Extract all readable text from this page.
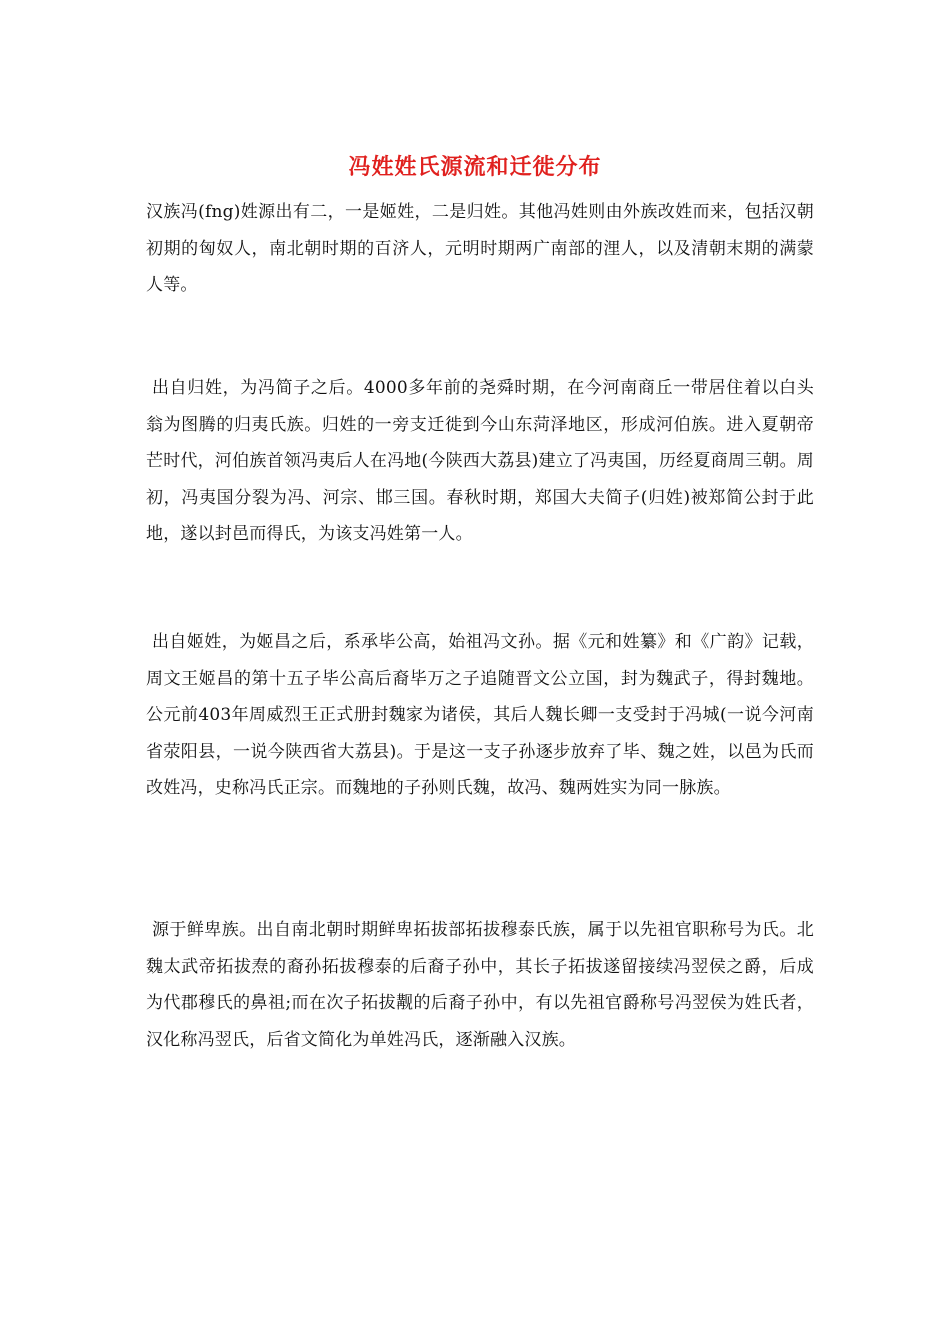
冯姓姓氏源流和迁徙分布

汉族冯(fng)姓源出有二，一是姬姓，二是归姓。其他冯姓则由外族改姓而来，包括汉朝初期的匈奴人，南北朝时期的百济人，元明时期两广南部的浬人，以及清朝末期的满蒙人等。

出自归姓，为冯简子之后。4000多年前的尧舜时期，在今河南商丘一带居住着以白头翁为图腾的归夷氏族。归姓的一旁支迁徙到今山东菏泽地区，形成河伯族。进入夏朝帝芒时代，河伯族首领冯夷后人在冯地(今陕西大荔县)建立了冯夷国，历经夏商周三朝。周初，冯夷国分裂为冯、河宗、邯三国。春秋时期，郑国大夫简子(归姓)被郑简公封于此地，遂以封邑而得氏，为该支冯姓第一人。

出自姬姓，为姬昌之后，系承毕公高，始祖冯文孙。据《元和姓纂》和《广韵》记载，周文王姬昌的第十五子毕公高后裔毕万之子追随晋文公立国，封为魏武子，得封魏地。公元前403年周威烈王正式册封魏家为诸侯，其后人魏长卿一支受封于冯城(一说今河南省荥阳县，一说今陕西省大荔县)。于是这一支子孙逐步放弃了毕、魏之姓，以邑为氏而改姓冯，史称冯氏正宗。而魏地的子孙则氏魏，故冯、魏两姓实为同一脉族。

源于鲜卑族。出自南北朝时期鲜卑拓拔部拓拔穆泰氏族，属于以先祖官职称号为氏。北魏太武帝拓拔焘的裔孙拓拔穆泰的后裔子孙中，其长子拓拔遂留接续冯翌侯之爵，后成为代郡穆氏的鼻祖;而在次子拓拔觏的后裔子孙中，有以先祖官爵称号冯翌侯为姓氏者，汉化称冯翌氏，后省文简化为单姓冯氏，逐渐融入汉族。
